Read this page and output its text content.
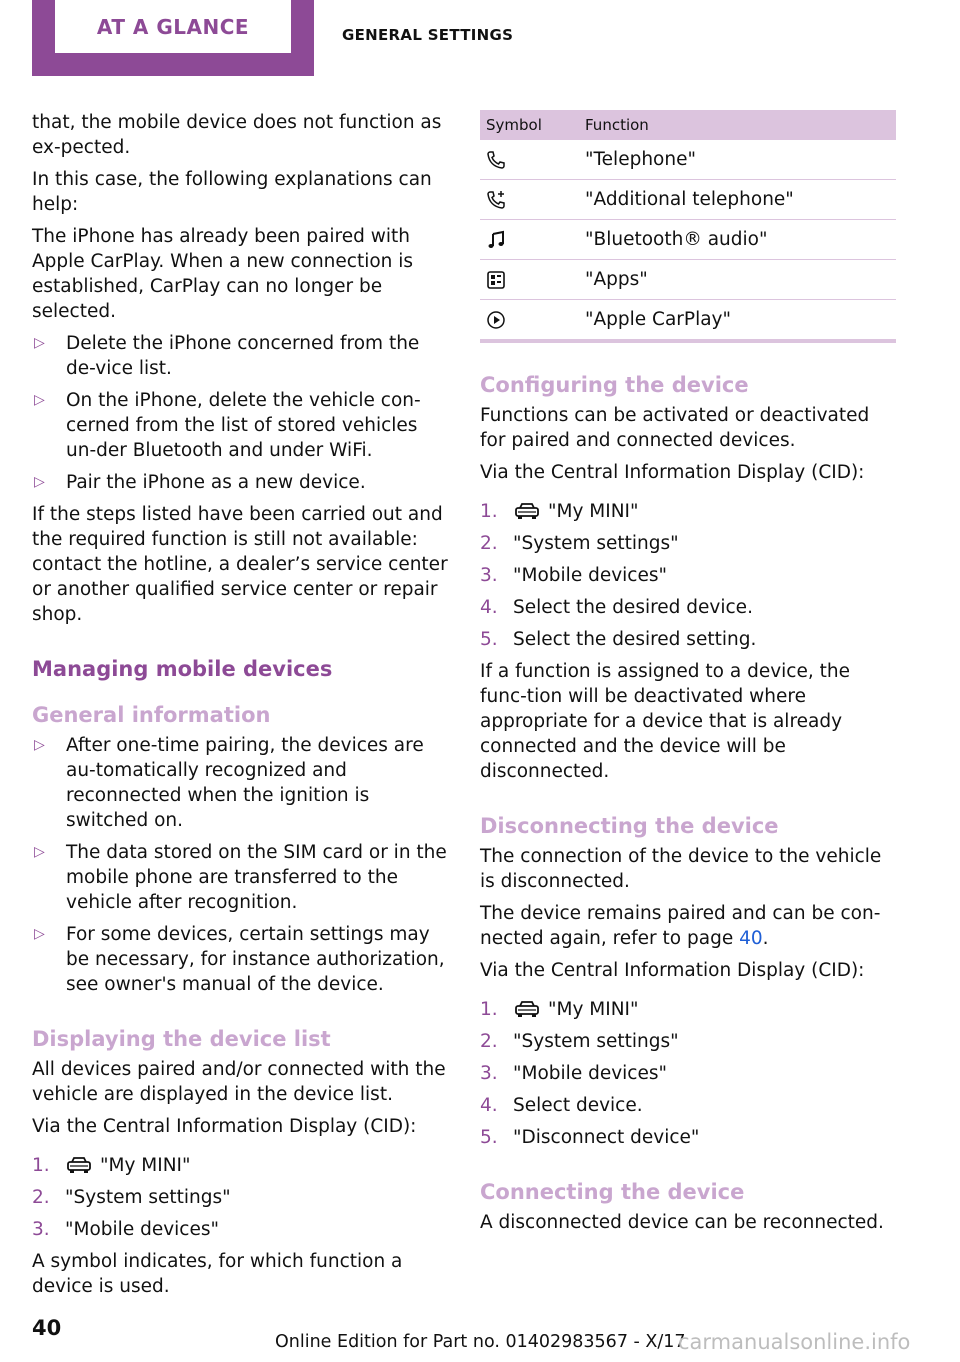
AT A GLANCE	GENERAL SETTINGS

that, the mobile device does not function as ex‐pected.

In this case, the following explanations can help:

The iPhone has already been paired with Apple CarPlay. When a new connection is established, CarPlay can no longer be selected.

▷ Delete the iPhone concerned from the de‐vice list.
▷ On the iPhone, delete the vehicle con‐cerned from the list of stored vehicles un‐der Bluetooth and under WiFi.
▷ Pair the iPhone as a new device.

If the steps listed have been carried out and the required function is still not available: contact the hotline, a dealer’s service center or another qualified service center or repair shop.

Managing mobile devices
General information
▷ After one-time pairing, the devices are au‐tomatically recognized and reconnected when the ignition is switched on.
▷ The data stored on the SIM card or in the mobile phone are transferred to the vehicle after recognition.
▷ For some devices, certain settings may be necessary, for instance authorization, see owner's manual of the device.
Displaying the device list

All devices paired and/or connected with the vehicle are displayed in the device list.

Via the Central Information Display (CID):

1.	"My MINI"
2. "System settings"
3. "Mobile devices"

A symbol indicates, for which function a device is used.

Symbol	Function

	"Telephone"

	"Additional telephone"

	"Bluetooth® audio"

	"Apps"

	"Apple CarPlay"
Configuring the device

Functions can be activated or deactivated for paired and connected devices.

Via the Central Information Display (CID):

1.	"My MINI"
2. "System settings"
3. "Mobile devices"
4. Select the desired device.
5. Select the desired setting.

If a function is assigned to a device, the func‐tion will be deactivated where appropriate for a device that is already connected and the device will be disconnected.

Disconnecting the device

The connection of the device to the vehicle is disconnected.

The device remains paired and can be con‐nected again, refer to page 40.

Via the Central Information Display (CID):

1.	"My MINI"
2. "System settings"
3. "Mobile devices"
4. Select device.
5. "Disconnect device"
Connecting the device

A disconnected device can be reconnected.

40
Online Edition for Part no. 01402983567 - X/17
carmanualsonline.info
